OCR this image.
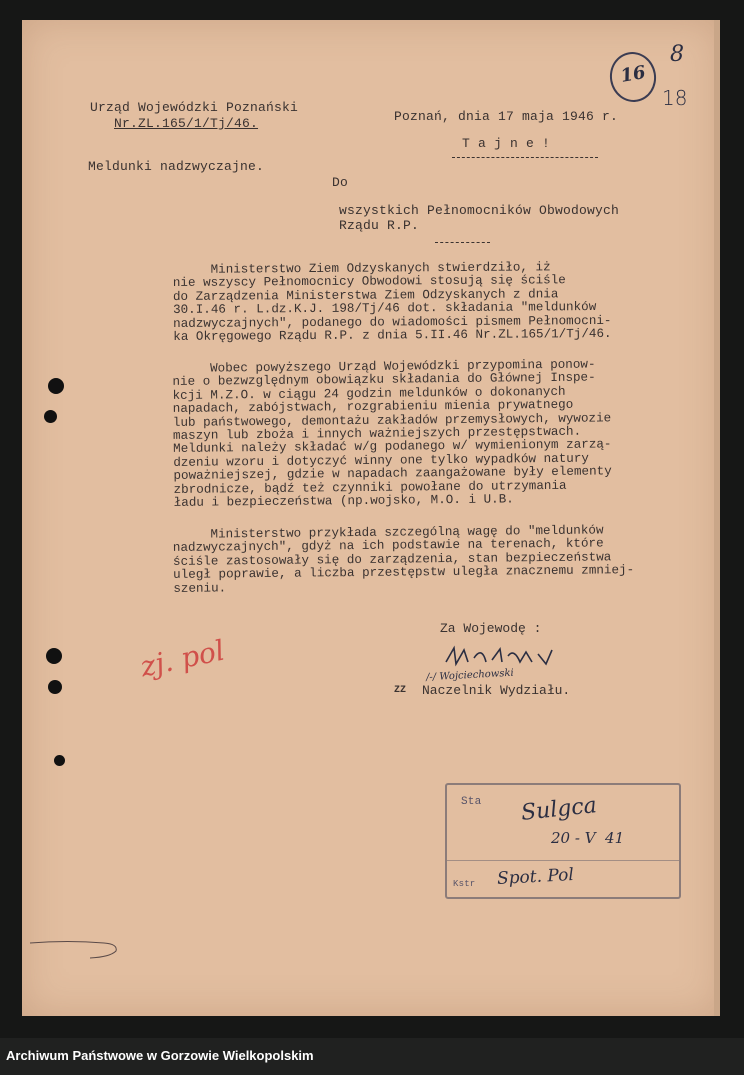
Urząd Wojewódzki Poznański
Nr.ZL.165/1/Tj/46.	Poznań, dnia 17 maja 1946 r.
T a j n e !
Meldunki nadzwyczajne.
Do
wszystkich Pełnomocników Obwodowych
Rządu R.P.
Ministerstwo Ziem Odzyskanych stwierdziło, iż
nie wszyscy Pełnomocnicy Obwodowi stosują się ściśle
do Zarządzenia Ministerstwa Ziem Odzyskanych z dnia
30.I.46 r. L.dz.K.J. 198/Tj/46 dot. składania "meldunków
nadzwyczajnych", podanego do wiadomości pismem Pełnomocni-
ka Okręgowego Rządu R.P. z dnia 5.II.46 Nr.ZL.165/1/Tj/46.
Wobec powyższego Urząd Wojewódzki przypomina ponow-
nie o bezwzględnym obowiązku składania do Głównej Inspe-
kcji M.Z.O. w ciągu 24 godzin meldunków o dokonanych
napadach, zabójstwach, rozgrabieniu mienia prywatnego
lub państwowego, demontażu zakładów przemysłowych, wywozie
maszyn lub zboża i innych ważniejszych przestępstwach.
Meldunki należy składać w/g podanego w/ wymienionym zarzą-
dzeniu wzoru i dotyczyć winny one tylko wypadków natury
poważniejszej, gdzie w napadach zaangażowane były elementy
zbrodnicze, bądź też czynniki powołane do utrzymania
ładu i bezpieczeństwa (np.wojsko, M.O. i U.B.
Ministerstwo przykłada szczególną wagę do "meldunków
nadzwyczajnych", gdyż na ich podstawie na terenach, które
ściśle zastosowały się do zarządzenia, stan bezpieczeństwa
uległ poprawie, a liczba przestępstw uległa znacznemu zmniej-
szeniu.
Za Wojewodę :
/-/ Wojciechowski
ZZ Naczelnik Wydziału.
16
8
18
zj. pol
Sta
Kstr
Sulgca
20 - V  41
Spot. Pol
Archiwum Państwowe w Gorzowie Wielkopolskim
